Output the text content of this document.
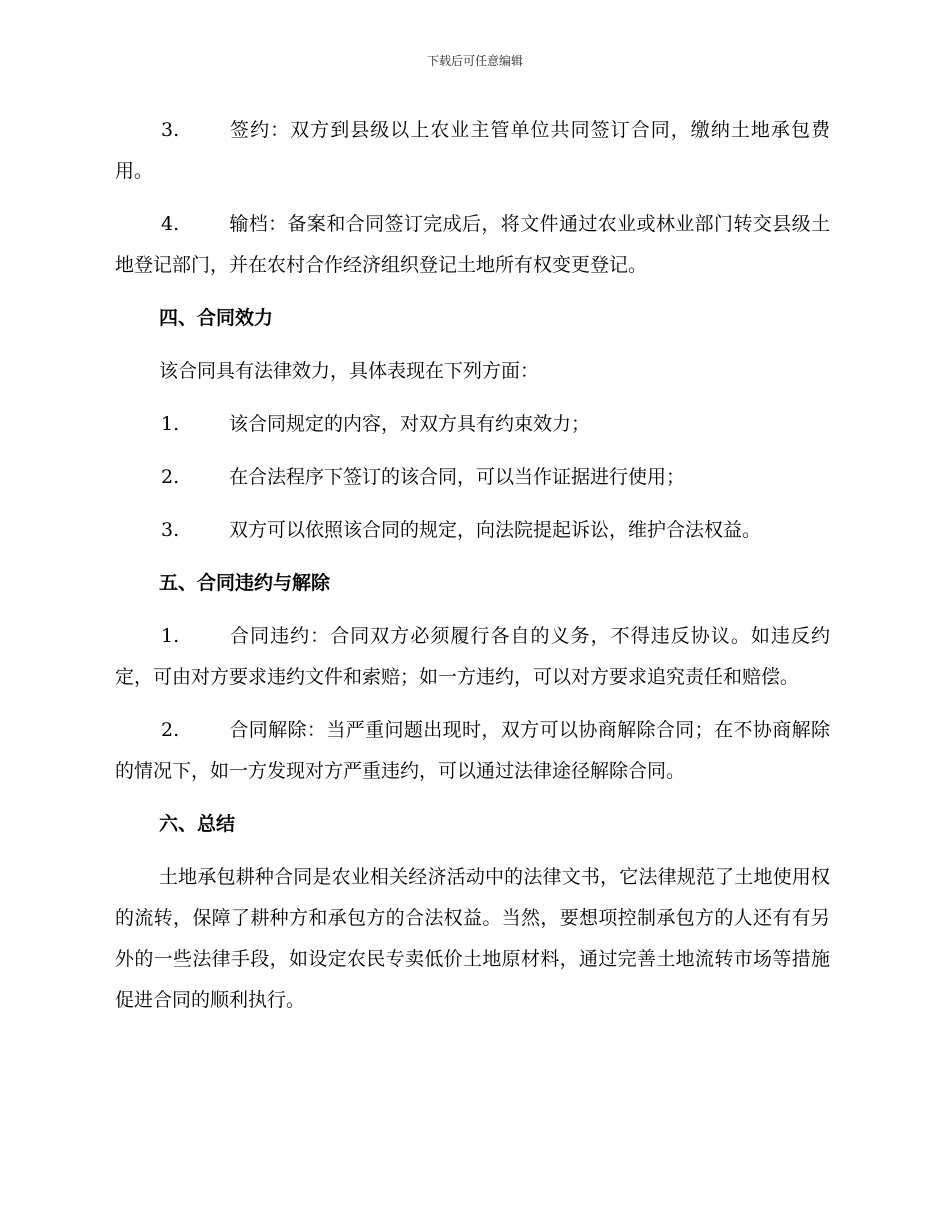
下载后可任意编辑

3.	签约：双方到县级以上农业主管单位共同签订合同，缴纳土地承包费用。

4.	输档：备案和合同签订完成后，将文件通过农业或林业部门转交县级土地登记部门，并在农村合作经济组织登记土地所有权变更登记。

四、合同效力

该合同具有法律效力，具体表现在下列方面：

1.	该合同规定的内容，对双方具有约束效力；

2.	在合法程序下签订的该合同，可以当作证据进行使用；

3.	双方可以依照该合同的规定，向法院提起诉讼，维护合法权益。

五、合同违约与解除

1.	合同违约：合同双方必须履行各自的义务，不得违反协议。如违反约定，可由对方要求违约文件和索赔；如一方违约，可以对方要求追究责任和赔偿。

2.	合同解除：当严重问题出现时，双方可以协商解除合同；在不协商解除的情况下，如一方发现对方严重违约，可以通过法律途径解除合同。

六、总结

土地承包耕种合同是农业相关经济活动中的法律文书，它法律规范了土地使用权的流转，保障了耕种方和承包方的合法权益。当然，要想项控制承包方的人还有有另外的一些法律手段，如设定农民专卖低价土地原材料，通过完善土地流转市场等措施促进合同的顺利执行。
